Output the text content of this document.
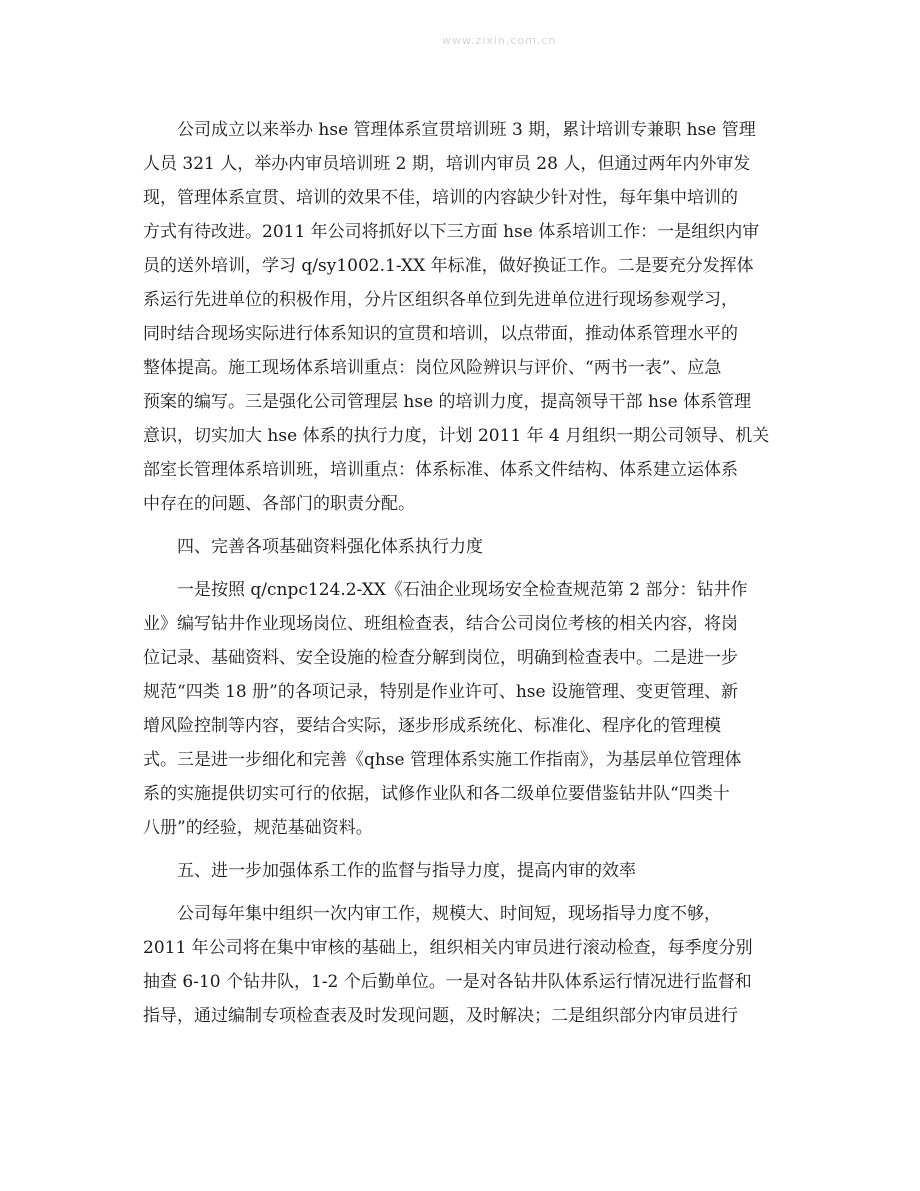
www.zixin.com.cn
公司成立以来举办 hse 管理体系宣贯培训班 3 期，累计培训专兼职 hse 管理
人员 321 人，举办内审员培训班 2 期，培训内审员 28 人，但通过两年内外审发
现，管理体系宣贯、培训的效果不佳，培训的内容缺少针对性，每年集中培训的
方式有待改进。2011 年公司将抓好以下三方面 hse 体系培训工作：一是组织内审
员的送外培训，学习 q/sy1002.1-XX 年标准，做好换证工作。二是要充分发挥体
系运行先进单位的积极作用，分片区组织各单位到先进单位进行现场参观学习，
同时结合现场实际进行体系知识的宣贯和培训，以点带面，推动体系管理水平的
整体提高。施工现场体系培训重点：岗位风险辨识与评价、“两书一表”、应急
预案的编写。三是强化公司管理层 hse 的培训力度，提高领导干部 hse 体系管理
意识，切实加大 hse 体系的执行力度，计划 2011 年 4 月组织一期公司领导、机关
部室长管理体系培训班，培训重点：体系标准、体系文件结构、体系建立运体系
中存在的问题、各部门的职责分配。
四、完善各项基础资料强化体系执行力度
一是按照 q/cnpc124.2-XX《石油企业现场安全检查规范第 2 部分：钻井作
业》编写钻井作业现场岗位、班组检查表，结合公司岗位考核的相关内容，将岗
位记录、基础资料、安全设施的检查分解到岗位，明确到检查表中。二是进一步
规范“四类 18 册”的各项记录，特别是作业许可、hse 设施管理、变更管理、新
增风险控制等内容，要结合实际，逐步形成系统化、标准化、程序化的管理模
式。三是进一步细化和完善《qhse 管理体系实施工作指南》，为基层单位管理体
系的实施提供切实可行的依据，试修作业队和各二级单位要借鉴钻井队“四类十
八册”的经验，规范基础资料。
五、进一步加强体系工作的监督与指导力度，提高内审的效率
公司每年集中组织一次内审工作，规模大、时间短，现场指导力度不够，
2011 年公司将在集中审核的基础上，组织相关内审员进行滚动检查，每季度分别
抽查 6-10 个钻井队，1-2 个后勤单位。一是对各钻井队体系运行情况进行监督和
指导，通过编制专项检查表及时发现问题，及时解决；二是组织部分内审员进行
